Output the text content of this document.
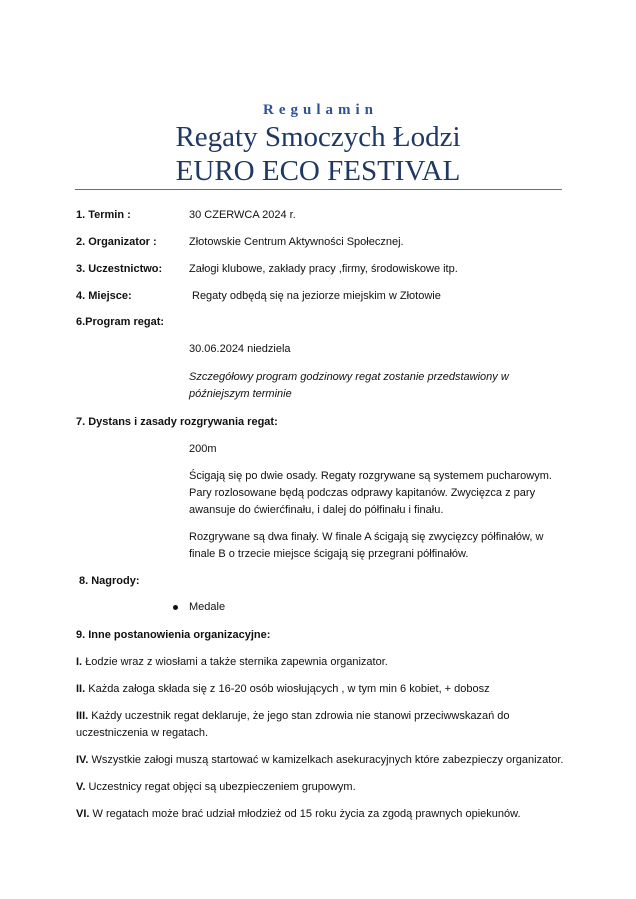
Regulamin
Regaty Smoczych Łodzi
EURO ECO FESTIVAL
1. Termin :	30 CZERWCA 2024 r.
2. Organizator :	Złotowskie Centrum Aktywności Społecznej.
3. Uczestnictwo: Załogi klubowe, zakłady pracy ,firmy, środowiskowe itp.
4. Miejsce:	Regaty odbędą się na jeziorze miejskim w Złotowie
6.Program regat:
30.06.2024 niedziela
Szczegółowy program godzinowy regat zostanie przedstawiony w
późniejszym terminie
7. Dystans i zasady rozgrywania regat:
200m
Ścigają się po dwie osady. Regaty rozgrywane są systemem pucharowym.
Pary rozlosowane będą podczas odprawy kapitanów. Zwycięzca z pary
awansuje do ćwierćfinału, i dalej do półfinału i finału.
Rozgrywane są dwa finały. W finale A ścigają się zwycięzcy półfinałów, w
finale B o trzecie miejsce ścigają się przegrani półfinałów.
8. Nagrody:
Medale
9. Inne postanowienia organizacyjne:
I. Łodzie wraz z wiosłami a także sternika zapewnia organizator.
II. Każda załoga składa się z 16-20 osób wiosłujących , w tym min 6 kobiet, + dobosz
III. Każdy uczestnik regat deklaruje, że jego stan zdrowia nie stanowi przeciwwskazań do
uczestniczenia w regatach.
IV. Wszystkie załogi muszą startować w kamizelkach asekuracyjnych które zabezpieczy organizator.
V. Uczestnicy regat objęci są ubezpieczeniem grupowym.
VI. W regatach może brać udział młodzież od 15 roku życia za zgodą prawnych opiekunów.
